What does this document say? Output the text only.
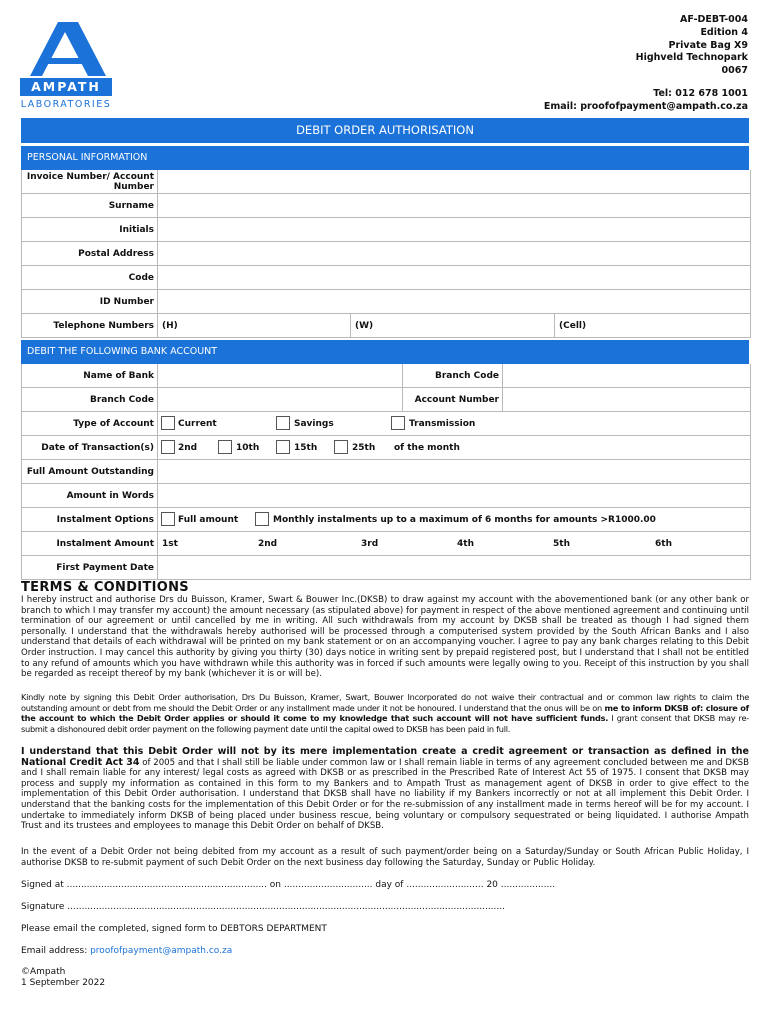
AMPATH
LABORATORIES
AF-DEBT-004
Edition 4
Private Bag X9
Highveld Technopark
0067
Tel: 012 678 1001
Email: proofofpayment@ampath.co.za
DEBIT ORDER AUTHORISATION
PERSONAL INFORMATION
Invoice Number/ Account Number
Surname
Initials
Postal Address
Code
ID Number
Telephone Numbers (H)	(W)	(Cell)
DEBIT THE FOLLOWING BANK ACCOUNT
Name of Bank	Branch Code
Branch Code	Account Number
Type of Account	Current	Savings	Transmission
Date of Transaction(s)	2nd	10th	15th	25th of the month
Full Amount Outstanding
Amount in Words
Instalment Options	Full amount	Monthly instalments up to a maximum of 6 months for amounts >R1000.00
Instalment Amount 1st	2nd	3rd	4th	5th	6th
First Payment Date
TERMS & CONDITIONS
I hereby instruct and authorise Drs du Buisson, Kramer, Swart & Bouwer Inc.(DKSB) to draw against my account with the abovementioned bank (or any other bank or branch to which I may transfer my account) the amount necessary (as stipulated above) for payment in respect of the above mentioned agreement and continuing until termination of our agreement or until cancelled by me in writing. All such withdrawals from my account by DKSB shall be treated as though I had signed them personally. I understand that the withdrawals hereby authorised will be processed through a computerised system provided by the South African Banks and I also understand that details of each withdrawal will be printed on my bank statement or on an accompanying voucher. I agree to pay any bank charges relating to this Debit Order instruction. I may cancel this authority by giving you thirty (30) days notice in writing sent by prepaid registered post, but I understand that I shall not be entitled to any refund of amounts which you have withdrawn while this authority was in forced if such amounts were legally owing to you. Receipt of this instruction by you shall be regarded as receipt thereof by my bank (whichever it is or will be).
Kindly note by signing this Debit Order authorisation, Drs Du Buisson, Kramer, Swart, Bouwer Incorporated do not waive their contractual and or common law rights to claim the outstanding amount or debt from me should the Debit Order or any installment made under it not be honoured. I understand that the onus will be on me to inform DKSB of: closure of the account to which the Debit Order applies or should it come to my knowledge that such account will not have sufficient funds. I grant consent that DKSB may re-submit a dishonoured debit order payment on the following payment date until the capital owed to DKSB has been paid in full.
I understand that this Debit Order will not by its mere implementation create a credit agreement or transaction as defined in the National Credit Act 34 of 2005 and that I shall still be liable under common law or I shall remain liable in terms of any agreement concluded between me and DKSB and I shall remain liable for any interest/ legal costs as agreed with DKSB or as prescribed in the Prescribed Rate of Interest Act 55 of 1975. I consent that DKSB may process and supply my information as contained in this form to my Bankers and to Ampath Trust as management agent of DKSB in order to give effect to the implementation of this Debit Order authorisation. I understand that DKSB shall have no liability if my Bankers incorrectly or not at all implement this Debit Order. I understand that the banking costs for the implementation of this Debit Order or for the re-submission of any installment made in terms hereof will be for my account. I undertake to immediately inform DKSB of being placed under business rescue, being voluntary or compulsory sequestrated or being liquidated. I authorise Ampath Trust and its trustees and employees to manage this Debit Order on behalf of DKSB.
In the event of a Debit Order not being debited from my account as a result of such payment/order being on a Saturday/Sunday or South African Public Holiday, I authorise DKSB to re-submit payment of such Debit Order on the next business day following the Saturday, Sunday or Public Holiday.
Signed at ...................................................................... on ............................... day of ........................... 20 ...................
Signature .........................................................................................................................................................
Please email the completed, signed form to DEBTORS DEPARTMENT
Email address: proofofpayment@ampath.co.za
©Ampath
1 September 2022
